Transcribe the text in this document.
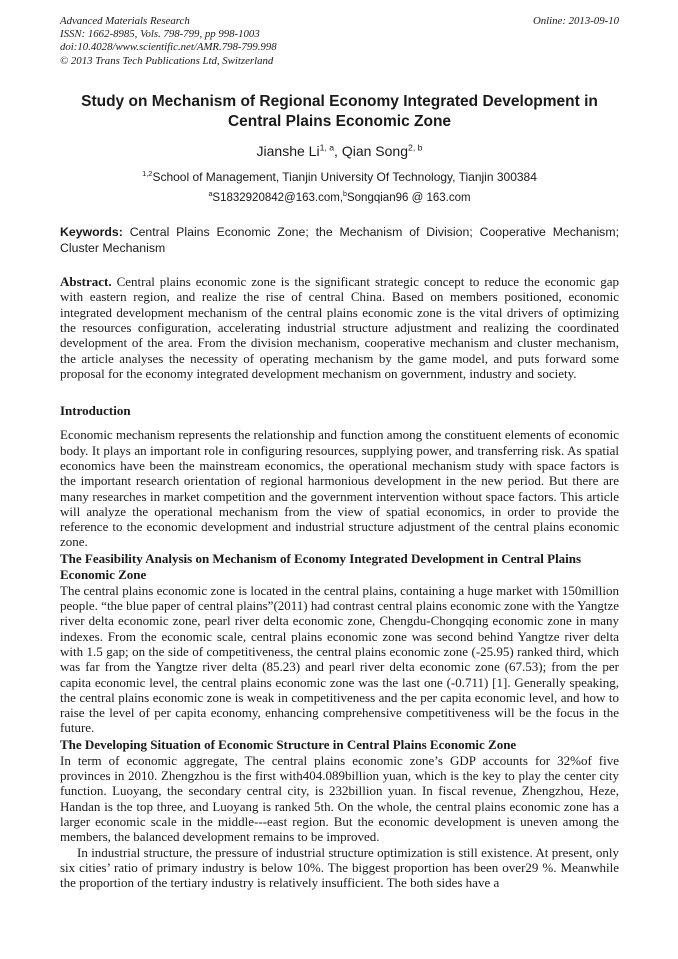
Advanced Materials Research
ISSN: 1662-8985, Vols. 798-799, pp 998-1003
doi:10.4028/www.scientific.net/AMR.798-799.998
© 2013 Trans Tech Publications Ltd, Switzerland
Online: 2013-09-10
Study on Mechanism of Regional Economy Integrated Development in Central Plains Economic Zone
Jianshe Li$^{1, a}$, Qian Song$^{2, b}$
$^{1,2}$School of Management, Tianjin University Of Technology, Tianjin 300384
$^a$S1832920842@163.com,$^b$Songqian96 @ 163.com

Keywords: Central Plains Economic Zone; the Mechanism of Division; Cooperative Mechanism; Cluster Mechanism

Abstract. Central plains economic zone is the significant strategic concept to reduce the economic gap with eastern region, and realize the rise of central China. Based on members positioned, economic integrated development mechanism of the central plains economic zone is the vital drivers of optimizing the resources configuration, accelerating industrial structure adjustment and realizing the coordinated development of the area. From the division mechanism, cooperative mechanism and cluster mechanism, the article analyses the necessity of operating mechanism by the game model, and puts forward some proposal for the economy integrated development mechanism on government, industry and society.

Introduction

Economic mechanism represents the relationship and function among the constituent elements of economic body. It plays an important role in configuring resources, supplying power, and transferring risk. As spatial economics have been the mainstream economics, the operational mechanism study with space factors is the important research orientation of regional harmonious development in the new period. But there are many researches in market competition and the government intervention without space factors. This article will analyze the operational mechanism from the view of spatial economics, in order to provide the reference to the economic development and industrial structure adjustment of the central plains economic zone.

The Feasibility Analysis on Mechanism of Economy Integrated Development in Central Plains Economic Zone

The central plains economic zone is located in the central plains, containing a huge market with 150million people. “the blue paper of central plains”(2011) had contrast central plains economic zone with the Yangtze river delta economic zone, pearl river delta economic zone, Chengdu-Chongqing economic zone in many indexes. From the economic scale, central plains economic zone was second behind Yangtze river delta with 1.5 gap; on the side of competitiveness, the central plains economic zone (-25.95) ranked third, which was far from the Yangtze river delta (85.23) and pearl river delta economic zone (67.53); from the per capita economic level, the central plains economic zone was the last one (-0.711) [1]. Generally speaking, the central plains economic zone is weak in competitiveness and the per capita economic level, and how to raise the level of per capita economy, enhancing comprehensive competitiveness will be the focus in the future.

The Developing Situation of Economic Structure in Central Plains Economic Zone

In term of economic aggregate, The central plains economic zone’s GDP accounts for 32%of five provinces in 2010. Zhengzhou is the first with404.089billion yuan, which is the key to play the center city function. Luoyang, the secondary central city, is 232billion yuan. In fiscal revenue, Zhengzhou, Heze, Handan is the top three, and Luoyang is ranked 5th. On the whole, the central plains economic zone has a larger economic scale in the middle---east region. But the economic development is uneven among the members, the balanced development remains to be improved.

In industrial structure, the pressure of industrial structure optimization is still existence. At present, only six cities’ ratio of primary industry is below 10%. The biggest proportion has been over29 %. Meanwhile the proportion of the tertiary industry is relatively insufficient. The both sides have a
